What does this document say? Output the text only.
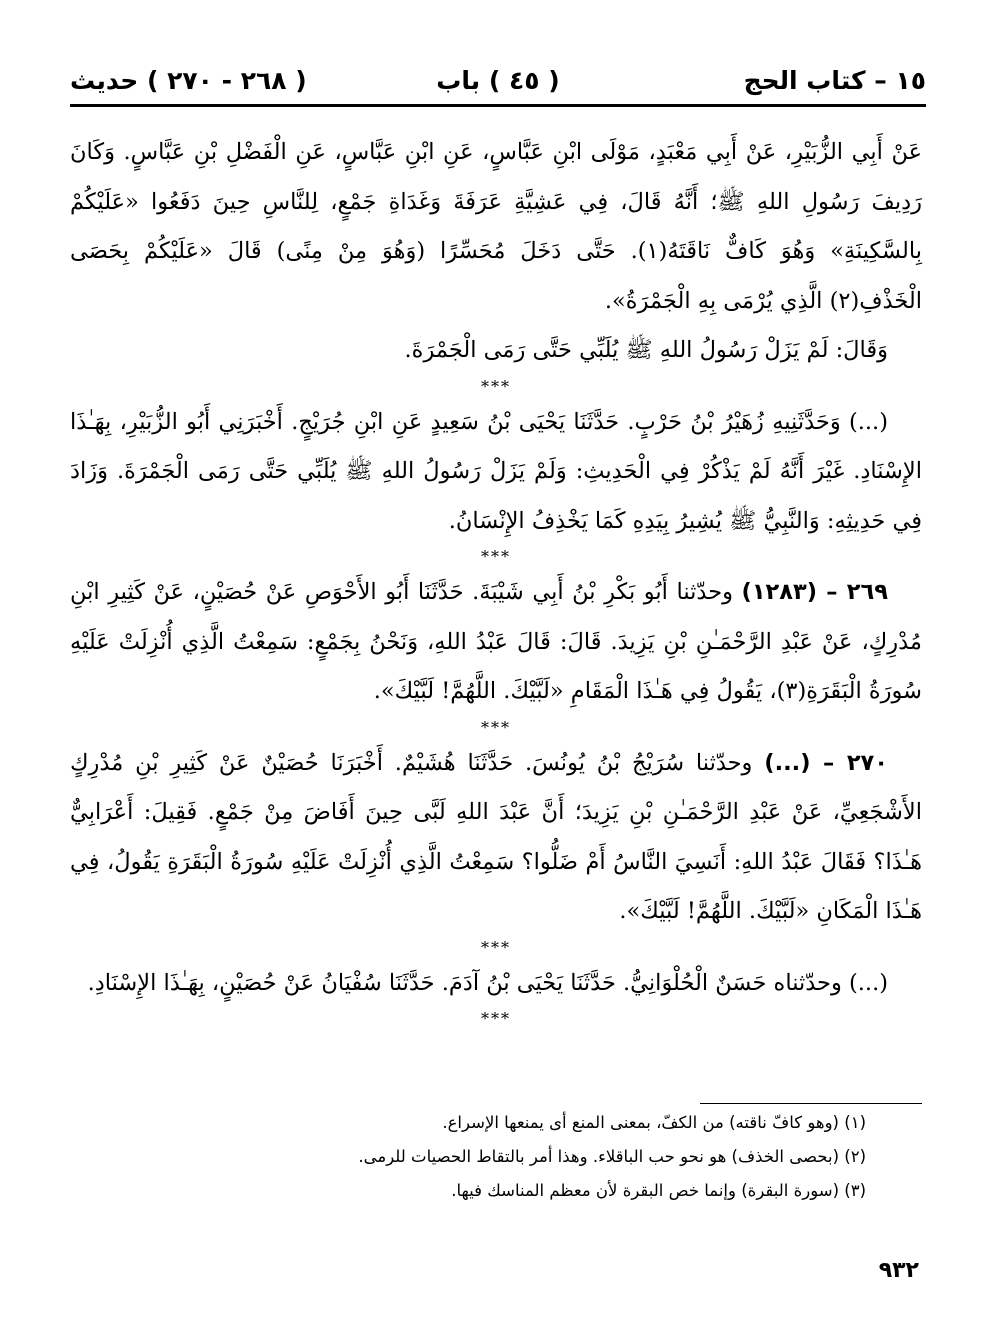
١٥ – كتاب الحج
( ٤٥ ) باب
( ٢٦٨ - ٢٧٠ ) حديث

عَنْ أَبِي الزُّبَيْرِ، عَنْ أَبِي مَعْبَدٍ، مَوْلَى ابْنِ عَبَّاسٍ، عَنِ ابْنِ عَبَّاسٍ، عَنِ الْفَضْلِ بْنِ عَبَّاسٍ. وَكَانَ رَدِيفَ رَسُولِ اللهِ ﷺ؛ أَنَّهُ قَالَ، فِي عَشِيَّةِ عَرَفَةَ وَغَدَاةِ جَمْعٍ، لِلنَّاسِ حِينَ دَفَعُوا «عَلَيْكُمْ بِالسَّكِينَةِ» وَهُوَ كَافٌّ نَاقَتَهُ(١). حَتَّى دَخَلَ مُحَسِّرًا (وَهُوَ مِنْ مِنًى) قَالَ «عَلَيْكُمْ بِحَصَى الْخَذْفِ(٢) الَّذِي يُرْمَى بِهِ الْجَمْرَةُ».

وَقَالَ: لَمْ يَزَلْ رَسُولُ اللهِ ﷺ يُلَبِّي حَتَّى رَمَى الْجَمْرَةَ.

***

(...) وَحَدَّثَنِيهِ زُهَيْرُ بْنُ حَرْبٍ. حَدَّثَنَا يَحْيَى بْنُ سَعِيدٍ عَنِ ابْنِ جُرَيْجٍ. أَخْبَرَنِي أَبُو الزُّبَيْرِ، بِهَـٰذَا الإِسْنَادِ. غَيْرَ أَنَّهُ لَمْ يَذْكُرْ فِي الْحَدِيثِ: وَلَمْ يَزَلْ رَسُولُ اللهِ ﷺ يُلَبِّي حَتَّى رَمَى الْجَمْرَةَ. وَزَادَ فِي حَدِيثِهِ: وَالنَّبِيُّ ﷺ يُشِيرُ بِيَدِهِ كَمَا يَخْذِفُ الإِنْسَانُ.

***

٢٦٩ – (١٢٨٣) وحدّثنا أَبُو بَكْرِ بْنُ أَبِي شَيْبَةَ. حَدَّثَنَا أَبُو الأَحْوَصِ عَنْ حُصَيْنٍ، عَنْ كَثِيرِ ابْنِ مُدْرِكٍ، عَنْ عَبْدِ الرَّحْمَـٰنِ بْنِ يَزِيدَ. قَالَ: قَالَ عَبْدُ اللهِ، وَنَحْنُ بِجَمْعٍ: سَمِعْتُ الَّذِي أُنْزِلَتْ عَلَيْهِ سُورَةُ الْبَقَرَةِ(٣)، يَقُولُ فِي هَـٰذَا الْمَقَامِ «لَبَّيْكَ. اللَّهُمَّ! لَبَّيْكَ».

***

٢٧٠ – (...) وحدّثنا سُرَيْجُ بْنُ يُونُسَ. حَدَّثَنَا هُشَيْمٌ. أَخْبَرَنَا حُصَيْنٌ عَنْ كَثِيرِ بْنِ مُدْرِكٍ الأَشْجَعِيِّ، عَنْ عَبْدِ الرَّحْمَـٰنِ بْنِ يَزِيدَ؛ أَنَّ عَبْدَ اللهِ لَبَّى حِينَ أَفَاضَ مِنْ جَمْعٍ. فَقِيلَ: أَعْرَابِيٌّ هَـٰذَا؟ فَقَالَ عَبْدُ اللهِ: أَنَسِيَ النَّاسُ أَمْ ضَلُّوا؟ سَمِعْتُ الَّذِي أُنْزِلَتْ عَلَيْهِ سُورَةُ الْبَقَرَةِ يَقُولُ، فِي هَـٰذَا الْمَكَانِ «لَبَّيْكَ. اللَّهُمَّ! لَبَّيْكَ».

***

(...) وحدّثناه حَسَنٌ الْحُلْوَانِيُّ. حَدَّثَنَا يَحْيَى بْنُ آدَمَ. حَدَّثَنَا سُفْيَانُ عَنْ حُصَيْنٍ، بِهَـٰذَا الإِسْنَادِ.

***

(١) (وهو كافّ ناقته) من الكفّ، بمعنى المنع أى يمنعها الإسراع.

(٢) (بحصى الخذف) هو نحو حب الباقلاء. وهذا أمر بالتقاط الحصيات للرمى.

(٣) (سورة البقرة) وإنما خص البقرة لأن معظم المناسك فيها.

٩٣٢
